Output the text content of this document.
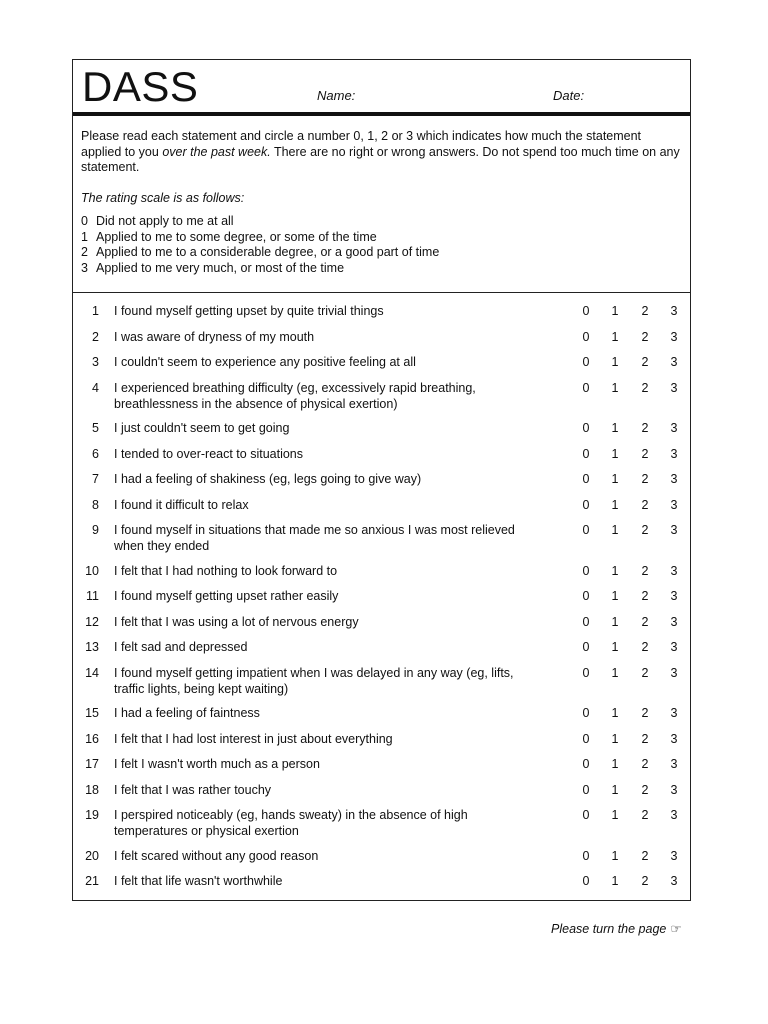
DASS	Name:	Date:

Please read each statement and circle a number 0, 1, 2 or 3 which indicates how much the statement applied to you over the past week. There are no right or wrong answers. Do not spend too much time on any statement.

The rating scale is as follows:

0 Did not apply to me at all
1 Applied to me to some degree, or some of the time
2 Applied to me to a considerable degree, or a good part of time
3 Applied to me very much, or most of the time
1 I found myself getting upset by quite trivial things	0 1 2 3
2 I was aware of dryness of my mouth	0 1 2 3
3 I couldn't seem to experience any positive feeling at all	0 1 2 3
4 I experienced breathing difficulty (eg, excessively rapid breathing, breathlessness in the absence of physical exertion)
0 1 2 3
5 I just couldn't seem to get going	0 1 2 3
6 I tended to over-react to situations	0 1 2 3
7 I had a feeling of shakiness (eg, legs going to give way)	0 1 2 3
8 I found it difficult to relax	0 1 2 3
9 I found myself in situations that made me so anxious I was most relieved when they ended
0 1 2 3
10 I felt that I had nothing to look forward to	0 1 2 3
11 I found myself getting upset rather easily	0 1 2 3
12 I felt that I was using a lot of nervous energy	0 1 2 3
13 I felt sad and depressed	0 1 2 3
14 I found myself getting impatient when I was delayed in any way (eg, lifts, traffic lights, being kept waiting)
0 1 2 3
15 I had a feeling of faintness	0 1 2 3
16 I felt that I had lost interest in just about everything	0 1 2 3
17 I felt I wasn't worth much as a person	0 1 2 3
18 I felt that I was rather touchy	0 1 2 3
19 I perspired noticeably (eg, hands sweaty) in the absence of high temperatures or physical exertion
0 1 2 3
20 I felt scared without any good reason	0 1 2 3
21 I felt that life wasn't worthwhile	0 1 2 3
Please turn the page ☞
